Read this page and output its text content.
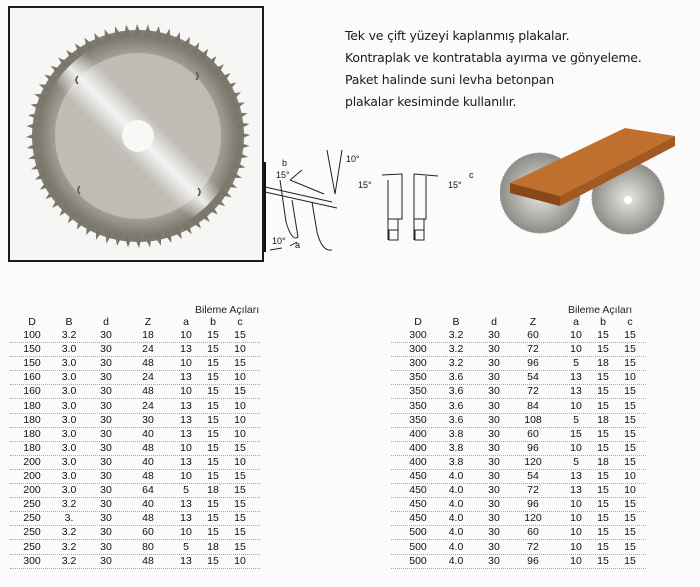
Tek ve çift yüzeyi kaplanmış plakalar.
Kontraplak ve kontratabla ayırma ve gönyeleme.
Paket halinde suni levha betonpan
plakalar kesiminde kullanılır.
b
15°
10°
10° a
15°	15°
c
Bileme Açıları
D	B	d	Z	a	b	c
100	3.2	30	18	10	15	15
150	3.0	30	24	13	15	10
150	3.0	30	48	10	15	15
160	3.0	30	24	13	15	10
160	3.0	30	48	10	15	15
180	3.0	30	24	13	15	10
180	3.0	30	30	13	15	10
180	3.0	30	40	13	15	10
180	3.0	30	48	10	15	15
200	3.0	30	40	13	15	10
200	3.0	30	48	10	15	15
200	3.0	30	64	5	18	15
250	3.2	30	40	13	15	15
250	3.	30	48	13	15	15
250	3.2	30	60	10	15	15
250	3.2	30	80	5	18	15
300	3.2	30	48	13	15	10
Bileme Açıları
D	B	d	Z	a	b	c
300	3.2	30	60	10	15	15
300	3.2	30	72	10	15	15
300	3.2	30	96	5	18	15
350	3.6	30	54	13	15	10
350	3.6	30	72	13	15	15
350	3.6	30	84	10	15	15
350	3.6	30	108	5	18	15
400	3.8	30	60	15	15	15
400	3.8	30	96	10	15	15
400	3.8	30	120	5	18	15
450	4.0	30	54	13	15	10
450	4.0	30	72	13	15	10
450	4.0	30	96	10	15	15
450	4.0	30	120	10	15	15
500	4.0	30	60	10	15	15
500	4.0	30	72	10	15	15
500	4.0	30	96	10	15	15
